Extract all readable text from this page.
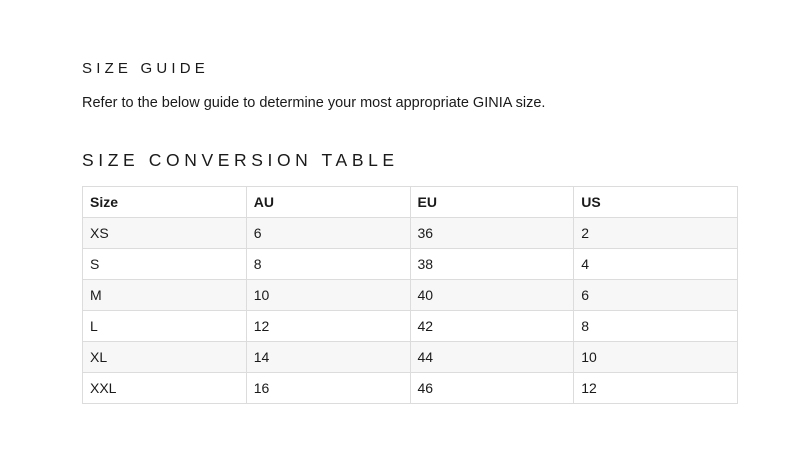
SIZE GUIDE

Refer to the below guide to determine your most appropriate GINIA size.

SIZE CONVERSION TABLE
Size	AU	EU	US
XS	6	36	2
S	8	38	4
M	10	40	6
L	12	42	8
XL	14	44	10
XXL	16	46	12
